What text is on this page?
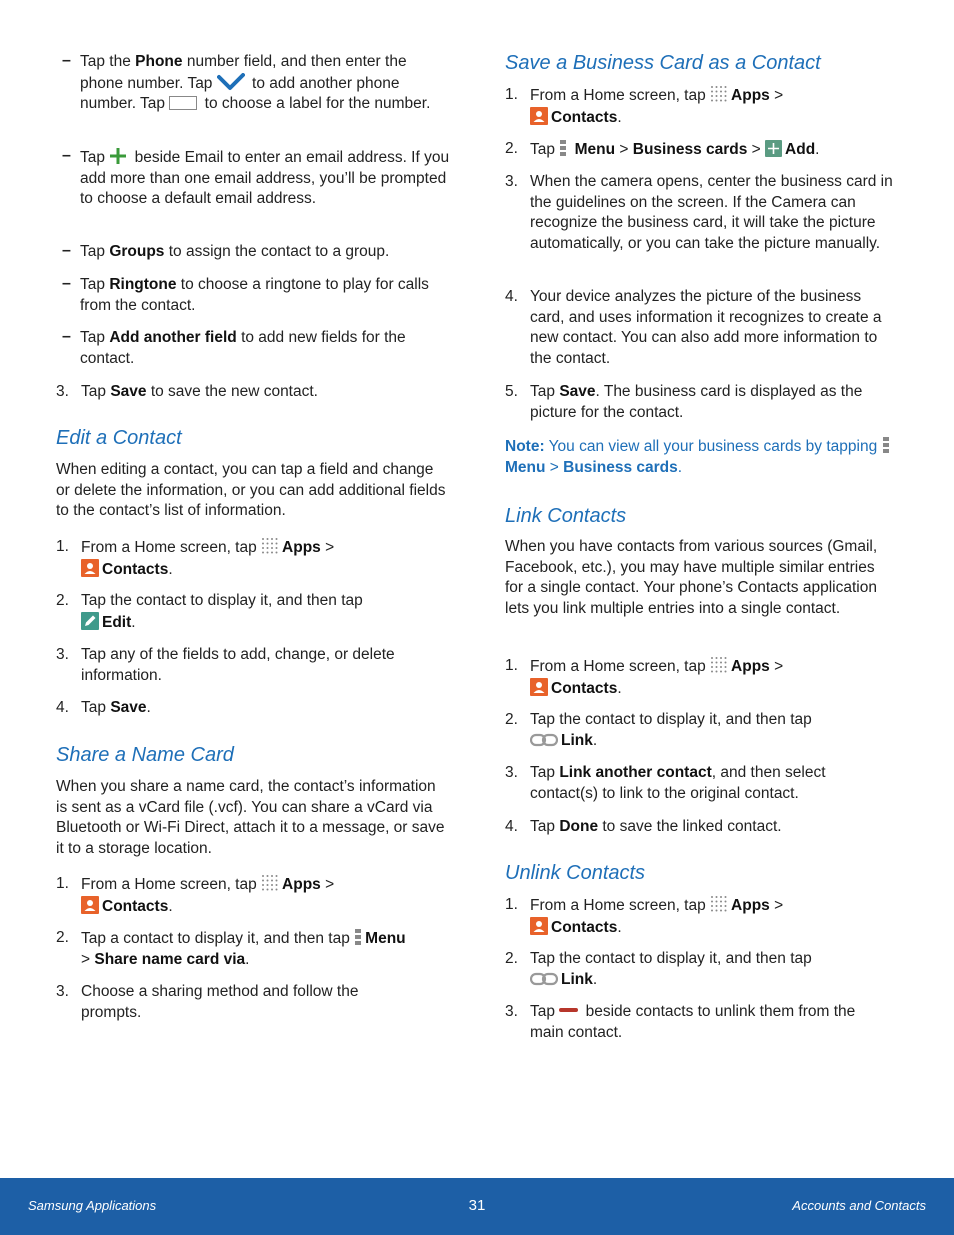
– Tap the Phone number field, and then enter the phone number. Tap  to add another phone number. Tap  to choose a label for the number.

– Tap  beside Email to enter an email address. If you add more than one email address, you’ll be prompted to choose a default email address.

– Tap Groups to assign the contact to a group.

– Tap Ringtone to choose a ringtone to play for calls from the contact.

– Tap Add another field to add new fields for the contact.

3. Tap Save to save the new contact.

Edit a Contact

When editing a contact, you can tap a field and change or delete the information, or you can add additional fields to the contact’s list of information.

1. From a Home screen, tap Apps >
Contacts.

2. Tap the contact to display it, and then tap
Edit.

3. Tap any of the fields to add, change, or delete information.

4. Tap Save.

Share a Name Card

When you share a name card, the contact’s information is sent as a vCard file (.vcf). You can share a vCard via Bluetooth or Wi-Fi Direct, attach it to a message, or save it to a storage location.

1. From a Home screen, tap Apps >
Contacts.

2. Tap a contact to display it, and then tap Menu
> Share name card via.

3. Choose a sharing method and follow the prompts.

Save a Business Card as a Contact
1. From a Home screen, tap Apps >
Contacts.

2. Tap  Menu > Business cards > Add.

3. When the camera opens, center the business card in the guidelines on the screen. If the Camera can recognize the business card, it will take the picture automatically, or you can take the picture manually.

4. Your device analyzes the picture of the business card, and uses information it recognizes to create a new contact. You can also add more information to the contact.

5. Tap Save. The business card is displayed as the picture for the contact.

Note: You can view all your business cards by tapping Menu > Business cards.

Link Contacts

When you have contacts from various sources (Gmail, Facebook, etc.), you may have multiple similar entries for a single contact. Your phone’s Contacts application lets you link multiple entries into a single contact.

1. From a Home screen, tap Apps >
Contacts.

2. Tap the contact to display it, and then tap
Link.

3. Tap Link another contact, and then select contact(s) to link to the original contact.

4. Tap Done to save the linked contact.

Unlink Contacts
1. From a Home screen, tap Apps >
Contacts.

2. Tap the contact to display it, and then tap
Link.

3. Tap  beside contacts to unlink them from the main contact.

31
Samsung Applications	Accounts and Contacts
